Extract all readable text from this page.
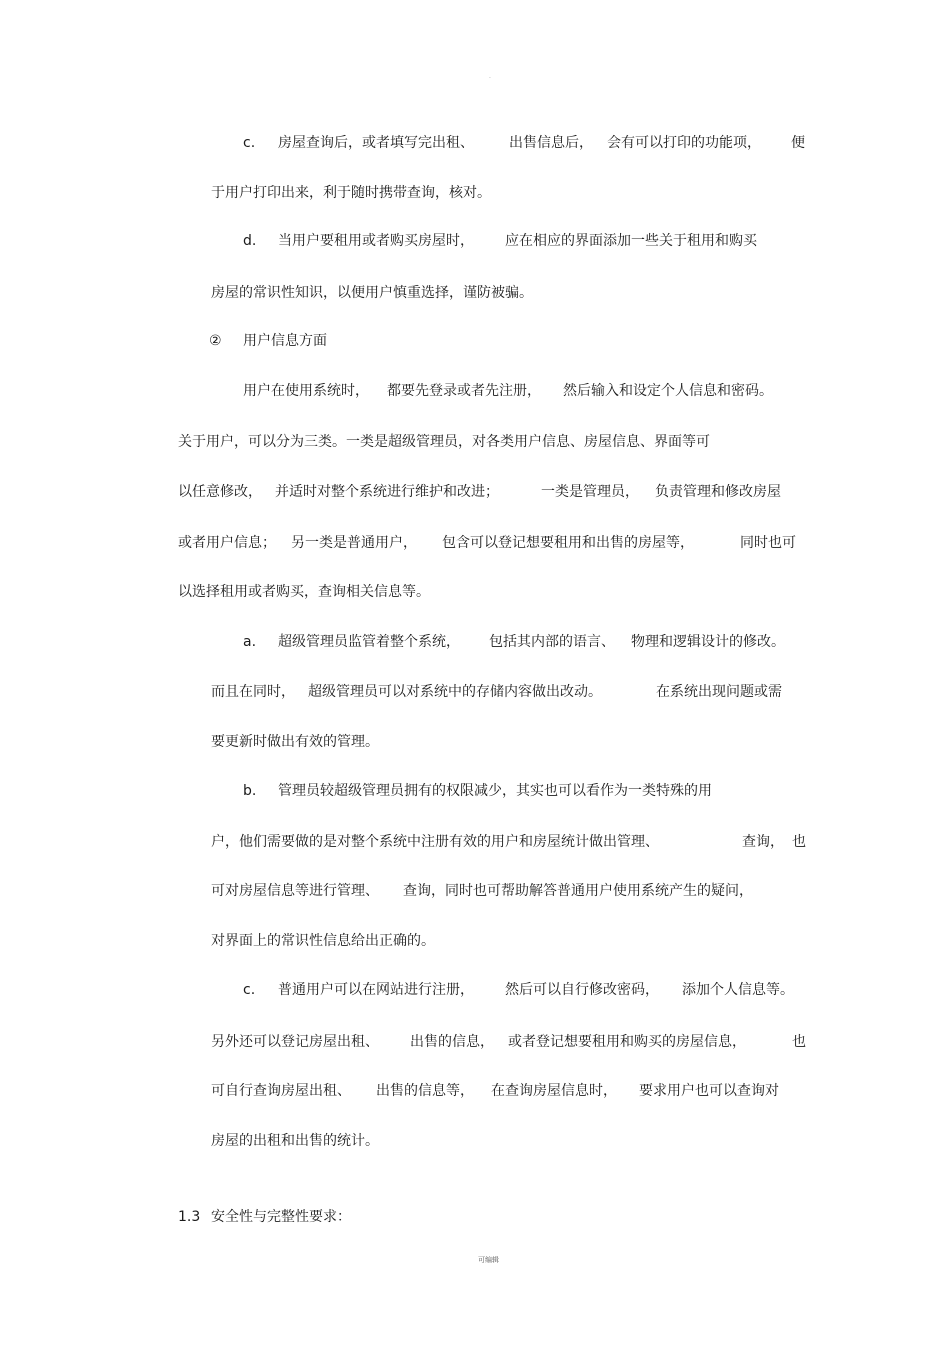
.
c. 房屋查询后，或者填写完出租、	出售信息后， 会有可以打印的功能项， 便
于用户打印出来，利于随时携带查询，核对。
d. 当用户要租用或者购买房屋时， 应在相应的界面添加一些关于租用和购买
房屋的常识性知识，以便用户慎重选择，谨防被骗。
② 用户信息方面
用户在使用系统时， 都要先登录或者先注册， 然后输入和设定个人信息和密码。
关于用户，可以分为三类。一类是超级管理员，对各类用户信息、房屋信息、界面等可
以任意修改， 并适时对整个系统进行维护和改进；	一类是管理员， 负责管理和修改房屋
或者用户信息； 另一类是普通用户， 包含可以登记想要租用和出售的房屋等，	同时也可
以选择租用或者购买，查询相关信息等。
a. 超级管理员监管着整个系统， 包括其内部的语言、 物理和逻辑设计的修改。
而且在同时， 超级管理员可以对系统中的存储内容做出改动。	在系统出现问题或需
要更新时做出有效的管理。
b. 管理员较超级管理员拥有的权限减少，其实也可以看作为一类特殊的用
户，他们需要做的是对整个系统中注册有效的用户和房屋统计做出管理、	查询， 也
可对房屋信息等进行管理、 查询，同时也可帮助解答普通用户使用系统产生的疑问，
对界面上的常识性信息给出正确的。
c. 普通用户可以在网站进行注册， 然后可以自行修改密码， 添加个人信息等。
另外还可以登记房屋出租、 出售的信息， 或者登记想要租用和购买的房屋信息，	也
可自行查询房屋出租、 出售的信息等， 在查询房屋信息时， 要求用户也可以查询对
房屋的出租和出售的统计。
1.3 安全性与完整性要求：
可编辑
